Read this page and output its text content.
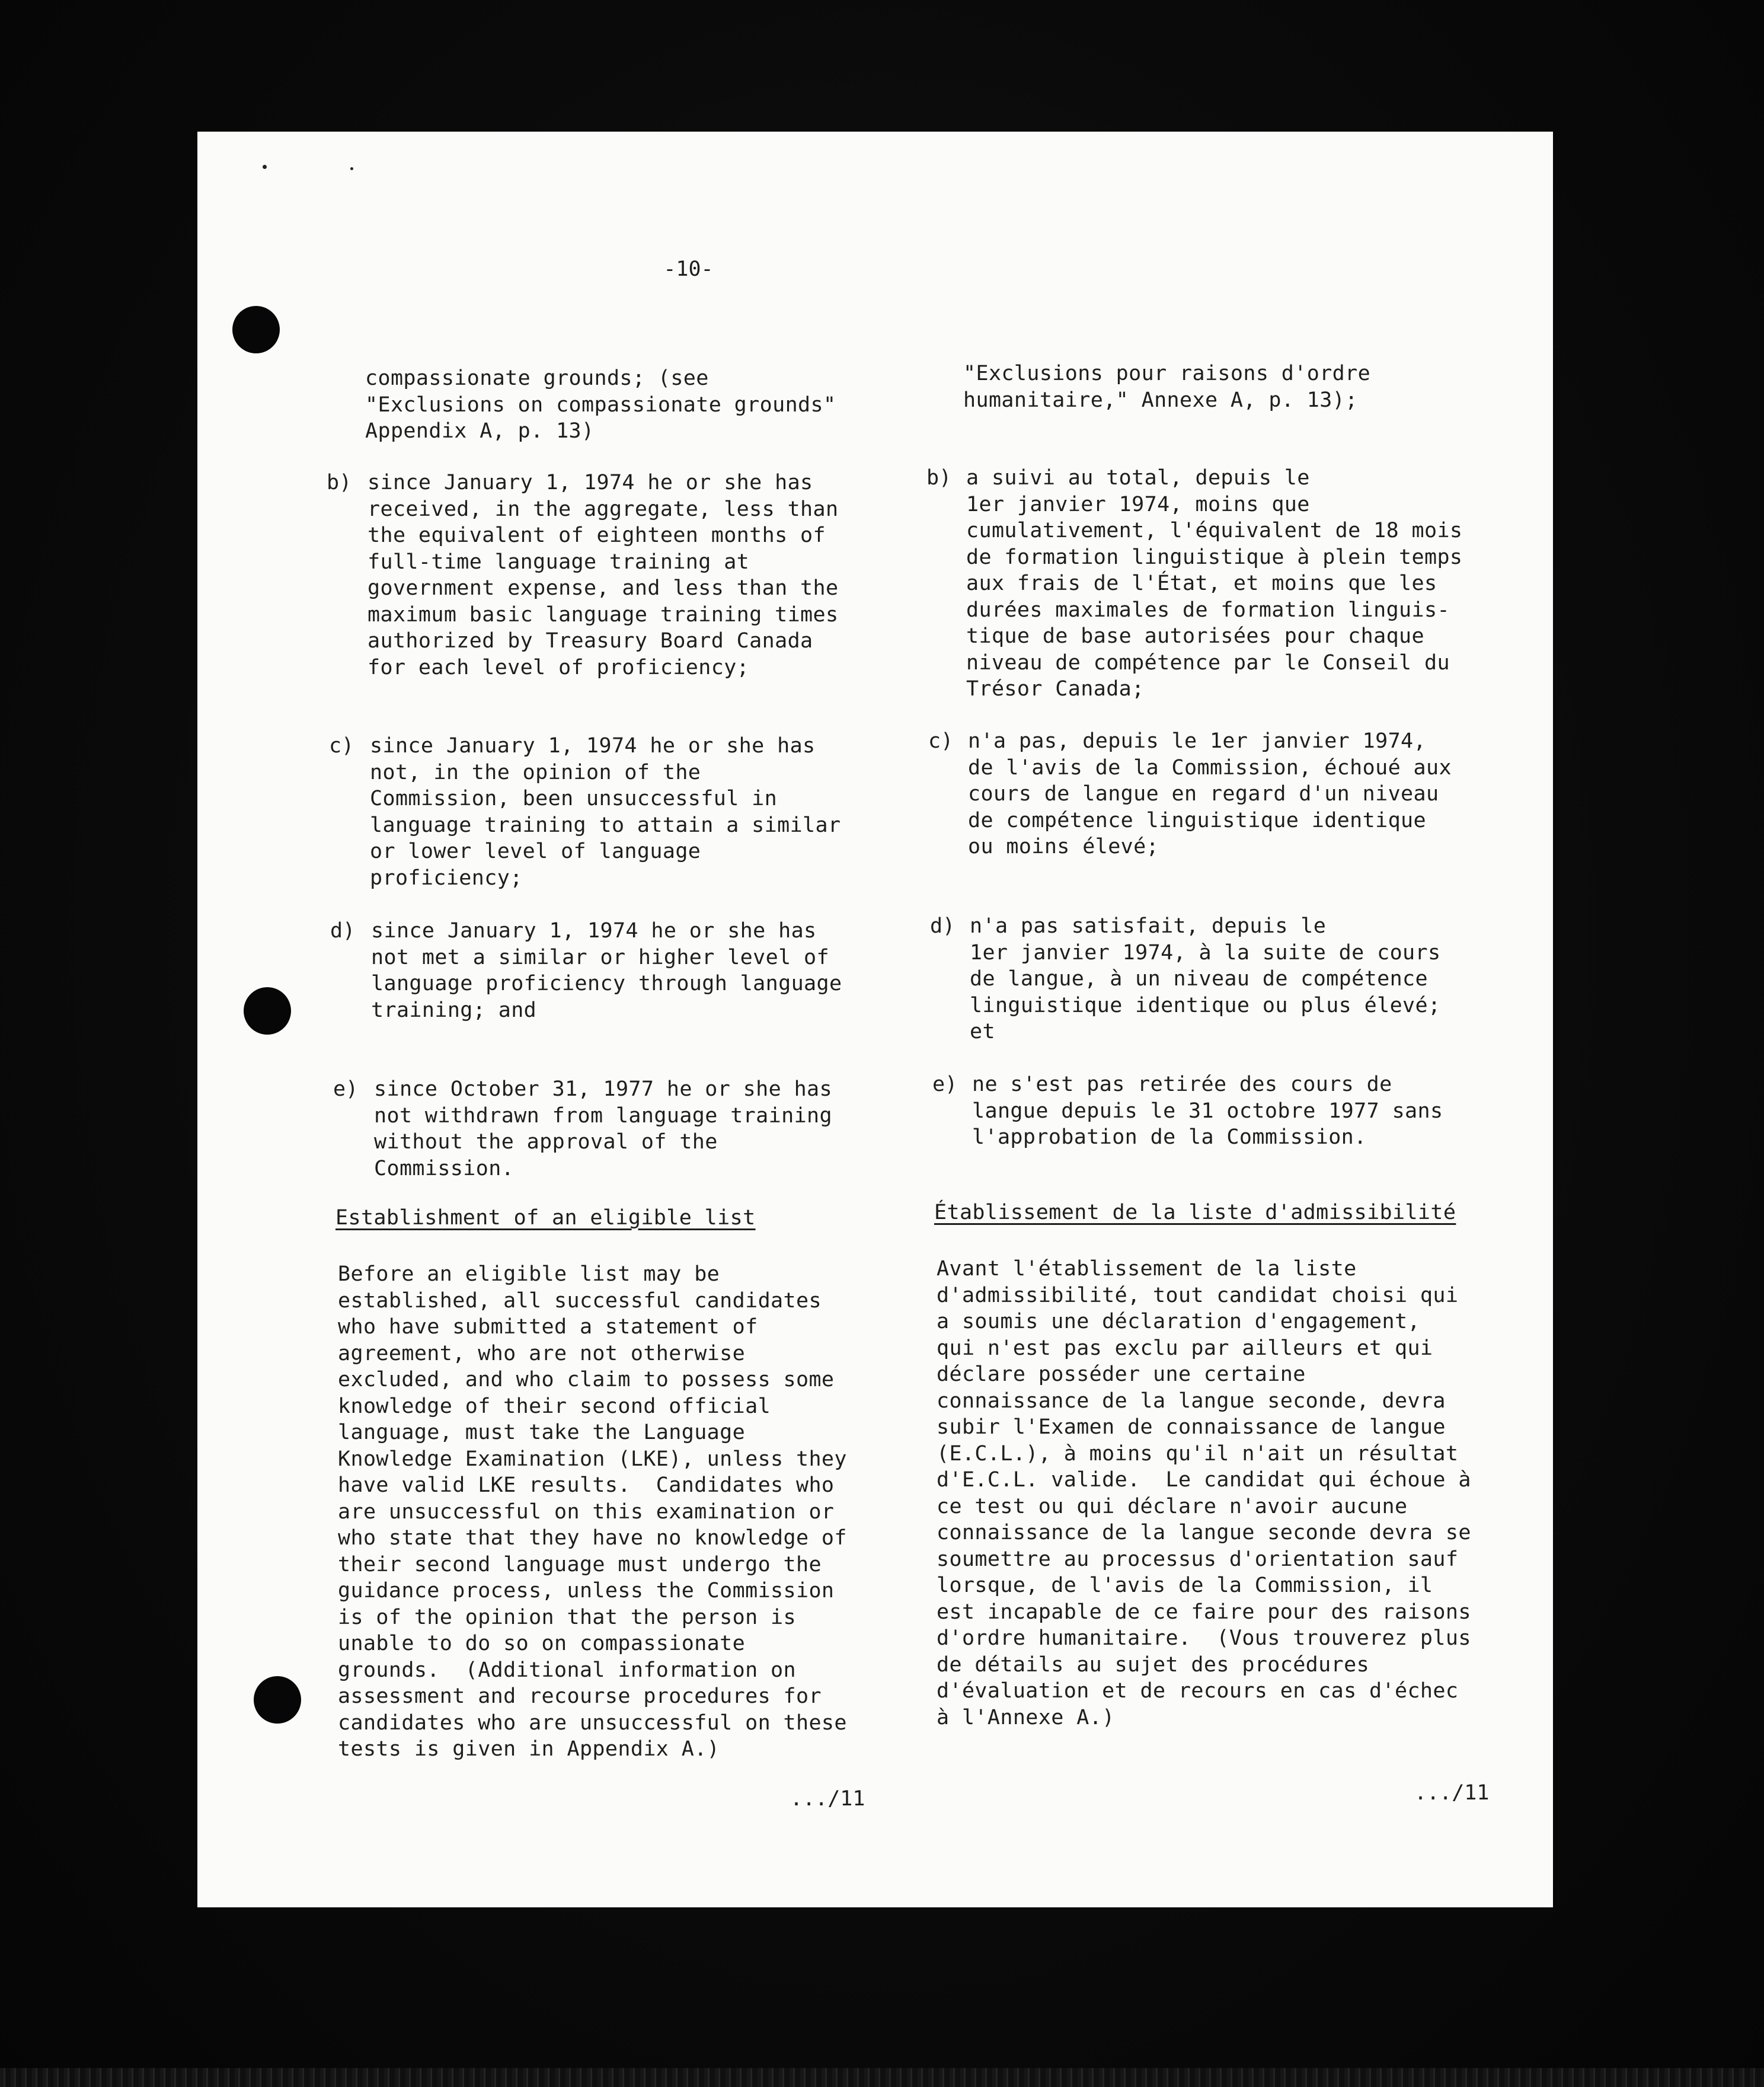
-10-
compassionate grounds; (see
"Exclusions on compassionate grounds"
Appendix A, p. 13)
b) since January 1, 1974 he or she has
received, in the aggregate, less than
the equivalent of eighteen months of
full-time language training at
government expense, and less than the
maximum basic language training times
authorized by Treasury Board Canada
for each level of proficiency;
c) since January 1, 1974 he or she has
not, in the opinion of the
Commission, been unsuccessful in
language training to attain a similar
or lower level of language
proficiency;
d) since January 1, 1974 he or she has
not met a similar or higher level of
language proficiency through language
training; and
e) since October 31, 1977 he or she has
not withdrawn from language training
without the approval of the
Commission.
Establishment of an eligible list
Before an eligible list may be
established, all successful candidates
who have submitted a statement of
agreement, who are not otherwise
excluded, and who claim to possess some
knowledge of their second official
language, must take the Language
Knowledge Examination (LKE), unless they
have valid LKE results.  Candidates who
are unsuccessful on this examination or
who state that they have no knowledge of
their second language must undergo the
guidance process, unless the Commission
is of the opinion that the person is
unable to do so on compassionate
grounds.  (Additional information on
assessment and recourse procedures for
candidates who are unsuccessful on these
tests is given in Appendix A.)
.../11
"Exclusions pour raisons d'ordre
humanitaire," Annexe A, p. 13);
b) a suivi au total, depuis le
1er janvier 1974, moins que
cumulativement, l'équivalent de 18 mois
de formation linguistique à plein temps
aux frais de l'État, et moins que les
durées maximales de formation linguis-
tique de base autorisées pour chaque
niveau de compétence par le Conseil du
Trésor Canada;
c) n'a pas, depuis le 1er janvier 1974,
de l'avis de la Commission, échoué aux
cours de langue en regard d'un niveau
de compétence linguistique identique
ou moins élevé;
d) n'a pas satisfait, depuis le
1er janvier 1974, à la suite de cours
de langue, à un niveau de compétence
linguistique identique ou plus élevé;
et
e) ne s'est pas retirée des cours de
langue depuis le 31 octobre 1977 sans
l'approbation de la Commission.
Établissement de la liste d'admissibilité
Avant l'établissement de la liste
d'admissibilité, tout candidat choisi qui
a soumis une déclaration d'engagement,
qui n'est pas exclu par ailleurs et qui
déclare posséder une certaine
connaissance de la langue seconde, devra
subir l'Examen de connaissance de langue
(E.C.L.), à moins qu'il n'ait un résultat
d'E.C.L. valide.  Le candidat qui échoue à
ce test ou qui déclare n'avoir aucune
connaissance de la langue seconde devra se
soumettre au processus d'orientation sauf
lorsque, de l'avis de la Commission, il
est incapable de ce faire pour des raisons
d'ordre humanitaire.  (Vous trouverez plus
de détails au sujet des procédures
d'évaluation et de recours en cas d'échec
à l'Annexe A.)
.../11
